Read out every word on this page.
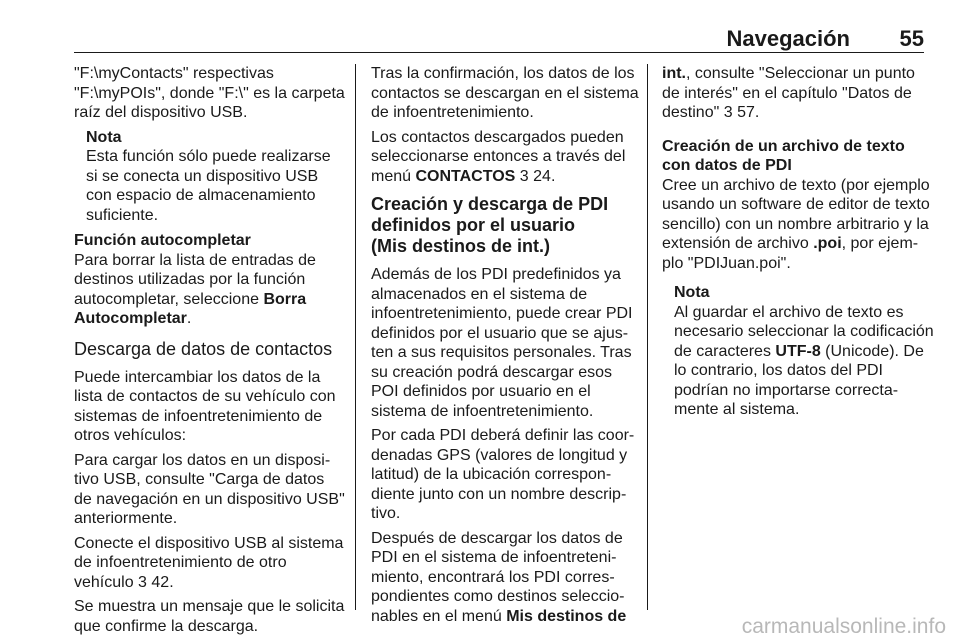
Navegación 55

"F:\myContacts" respectivas "F:\myPOIs", donde "F:\" es la carpeta raíz del dispositivo USB.

Nota
Esta función sólo puede realizarse si se conecta un dispositivo USB con espacio de almacenamiento suficiente.
Función autocompletar

Para borrar la lista de entradas de destinos utilizadas por la función autocompletar, seleccione Borra Autocompletar.

Descarga de datos de contactos

Puede intercambiar los datos de la lista de contactos de su vehículo con sistemas de infoentretenimiento de otros vehículos:

Para cargar los datos en un dispositivo USB, consulte "Carga de datos de navegación en un dispositivo USB" anteriormente.

Conecte el dispositivo USB al sistema de infoentretenimiento de otro vehículo 3 42.

Se muestra un mensaje que le solicita que confirme la descarga.

Tras la confirmación, los datos de los contactos se descargan en el sistema de infoentretenimiento.

Los contactos descargados pueden seleccionarse entonces a través del menú CONTACTOS 3 24.

Creación y descarga de PDI
definidos por el usuario
(Mis destinos de int.)

Además de los PDI predefinidos ya almacenados en el sistema de infoentretenimiento, puede crear PDI definidos por el usuario que se ajusten a sus requisitos personales. Tras su creación podrá descargar esos POI definidos por usuario en el sistema de infoentretenimiento.

Por cada PDI deberá definir las coordenadas GPS (valores de longitud y latitud) de la ubicación correspondiente junto con un nombre descriptivo.

Después de descargar los datos de PDI en el sistema de infoentretenimiento, encontrará los PDI correspondientes como destinos seleccionables en el menú Mis destinos de

int., consulte "Seleccionar un punto de interés" en el capítulo "Datos de destino" 3 57.

Creación de un archivo de texto con datos de PDI

Cree un archivo de texto (por ejemplo usando un software de editor de texto sencillo) con un nombre arbitrario y la extensión de archivo .poi, por ejemplo "PDIJuan.poi".

Nota
Al guardar el archivo de texto es necesario seleccionar la codificación de caracteres UTF-8 (Unicode). De lo contrario, los datos del PDI podrían no importarse correctamente al sistema.
carmanualsonline.info
